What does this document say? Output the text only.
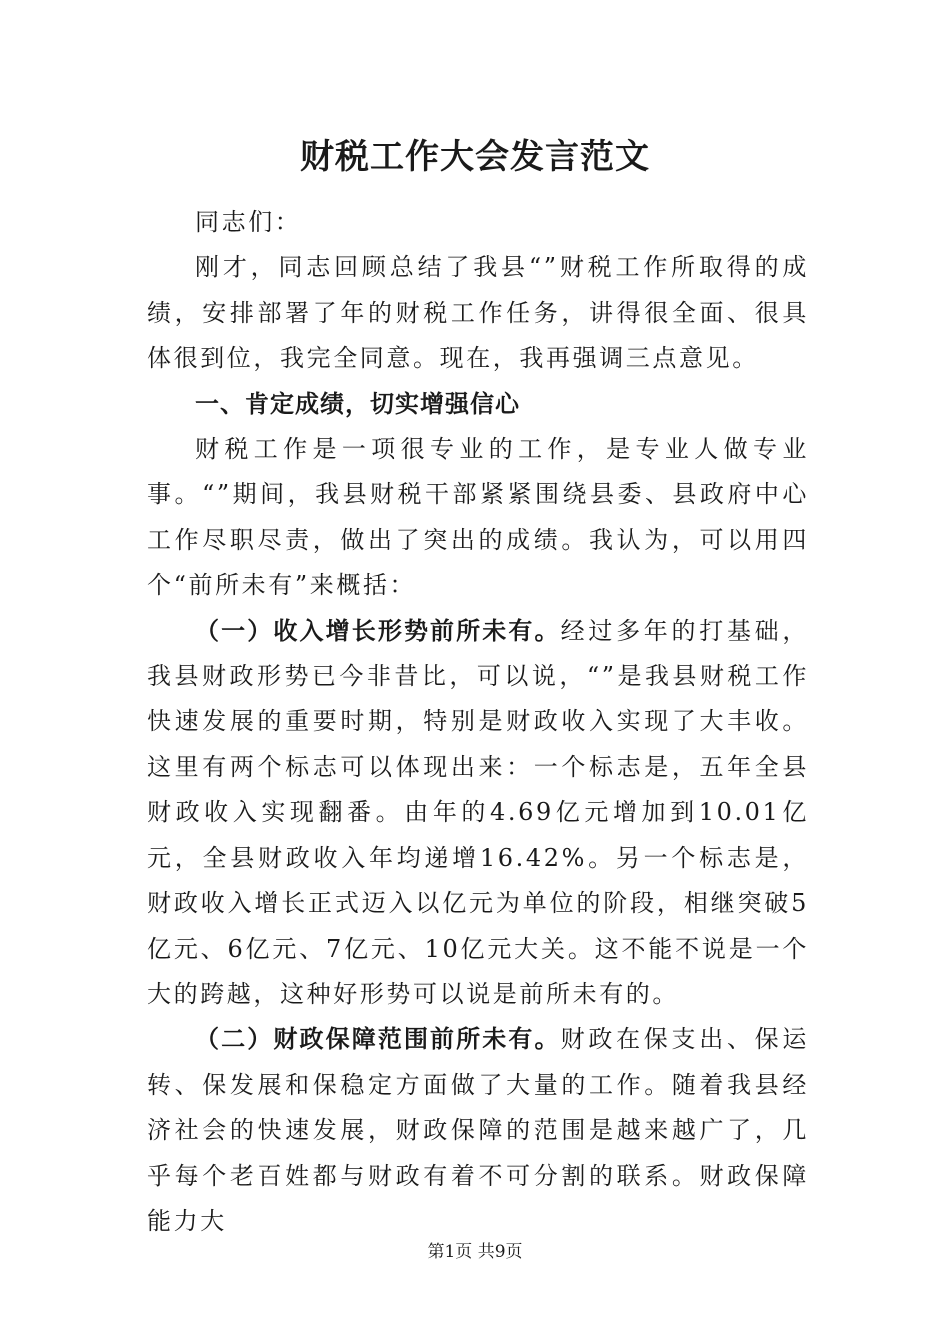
财税工作大会发言范文

同志们：

刚才，同志回顾总结了我县“”财税工作所取得的成绩，安排部署了年的财税工作任务，讲得很全面、很具体很到位，我完全同意。现在，我再强调三点意见。

一、肯定成绩，切实增强信心

财税工作是一项很专业的工作，是专业人做专业事。“”期间，我县财税干部紧紧围绕县委、县政府中心工作尽职尽责，做出了突出的成绩。我认为，可以用四个“前所未有”来概括：

（一）收入增长形势前所未有。经过多年的打基础，我县财政形势已今非昔比，可以说，“”是我县财税工作快速发展的重要时期，特别是财政收入实现了大丰收。这里有两个标志可以体现出来：一个标志是，五年全县财政收入实现翻番。由年的4.69亿元增加到10.01亿元，全县财政收入年均递增16.42%。另一个标志是，财政收入增长正式迈入以亿元为单位的阶段，相继突破5亿元、6亿元、7亿元、10亿元大关。这不能不说是一个大的跨越，这种好形势可以说是前所未有的。

（二）财政保障范围前所未有。财政在保支出、保运转、保发展和保稳定方面做了大量的工作。随着我县经济社会的快速发展，财政保障的范围是越来越广了，几乎每个老百姓都与财政有着不可分割的联系。财政保障能力大

第1页 共9页
